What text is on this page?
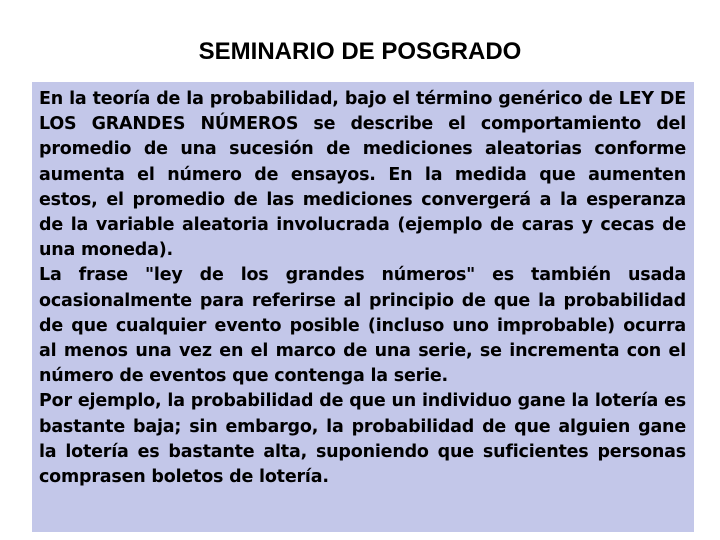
SEMINARIO DE POSGRADO

En la teoría de la probabilidad, bajo el término genérico de LEY DE LOS GRANDES NÚMEROS se describe el comportamiento del promedio de una sucesión de mediciones aleatorias conforme aumenta el número de ensayos. En la medida que aumenten estos, el promedio de las mediciones convergerá a la esperanza de la variable aleatoria involucrada (ejemplo de caras y cecas de una moneda).

La frase "ley de los grandes números" es también usada ocasionalmente para referirse al principio de que la probabilidad de que cualquier evento posible (incluso uno improbable) ocurra al menos una vez en el marco de una serie, se incrementa con el número de eventos que contenga la serie.

Por ejemplo, la probabilidad de que un individuo gane la lotería es bastante baja; sin embargo, la probabilidad de que alguien gane la lotería es bastante alta, suponiendo que suficientes personas comprasen boletos de lotería.
